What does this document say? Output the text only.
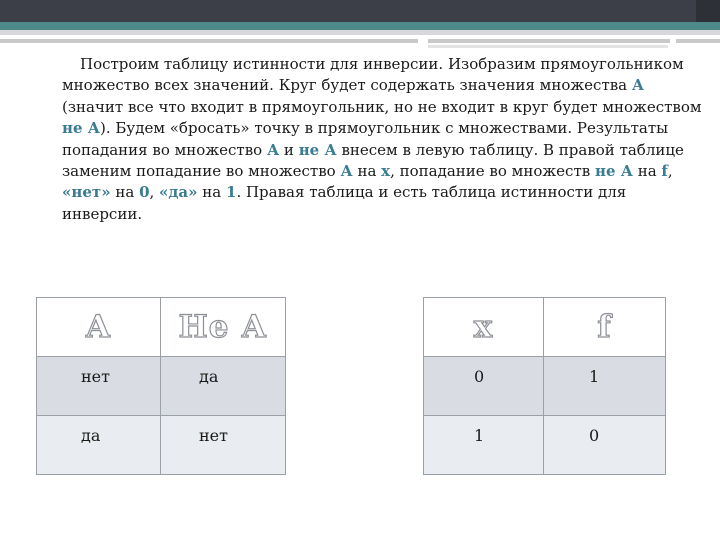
Построим таблицу истинности для инверсии. Изобразим прямоугольником множество всех значений. Круг будет содержать значения множества А (значит все что входит в прямоугольник, но не входит в круг будет множеством не А). Будем «бросать» точку в прямоугольник с множествами. Результаты попадания во множество А и не А внесем в левую таблицу. В правой таблице заменим попадание во множество А на х, попадание во множеств не А на f, «нет» на 0, «да» на 1. Правая таблица и есть таблица истинности для инверсии.
А	Не А

нет	да

да	нет
x	f

0	1

1	0
